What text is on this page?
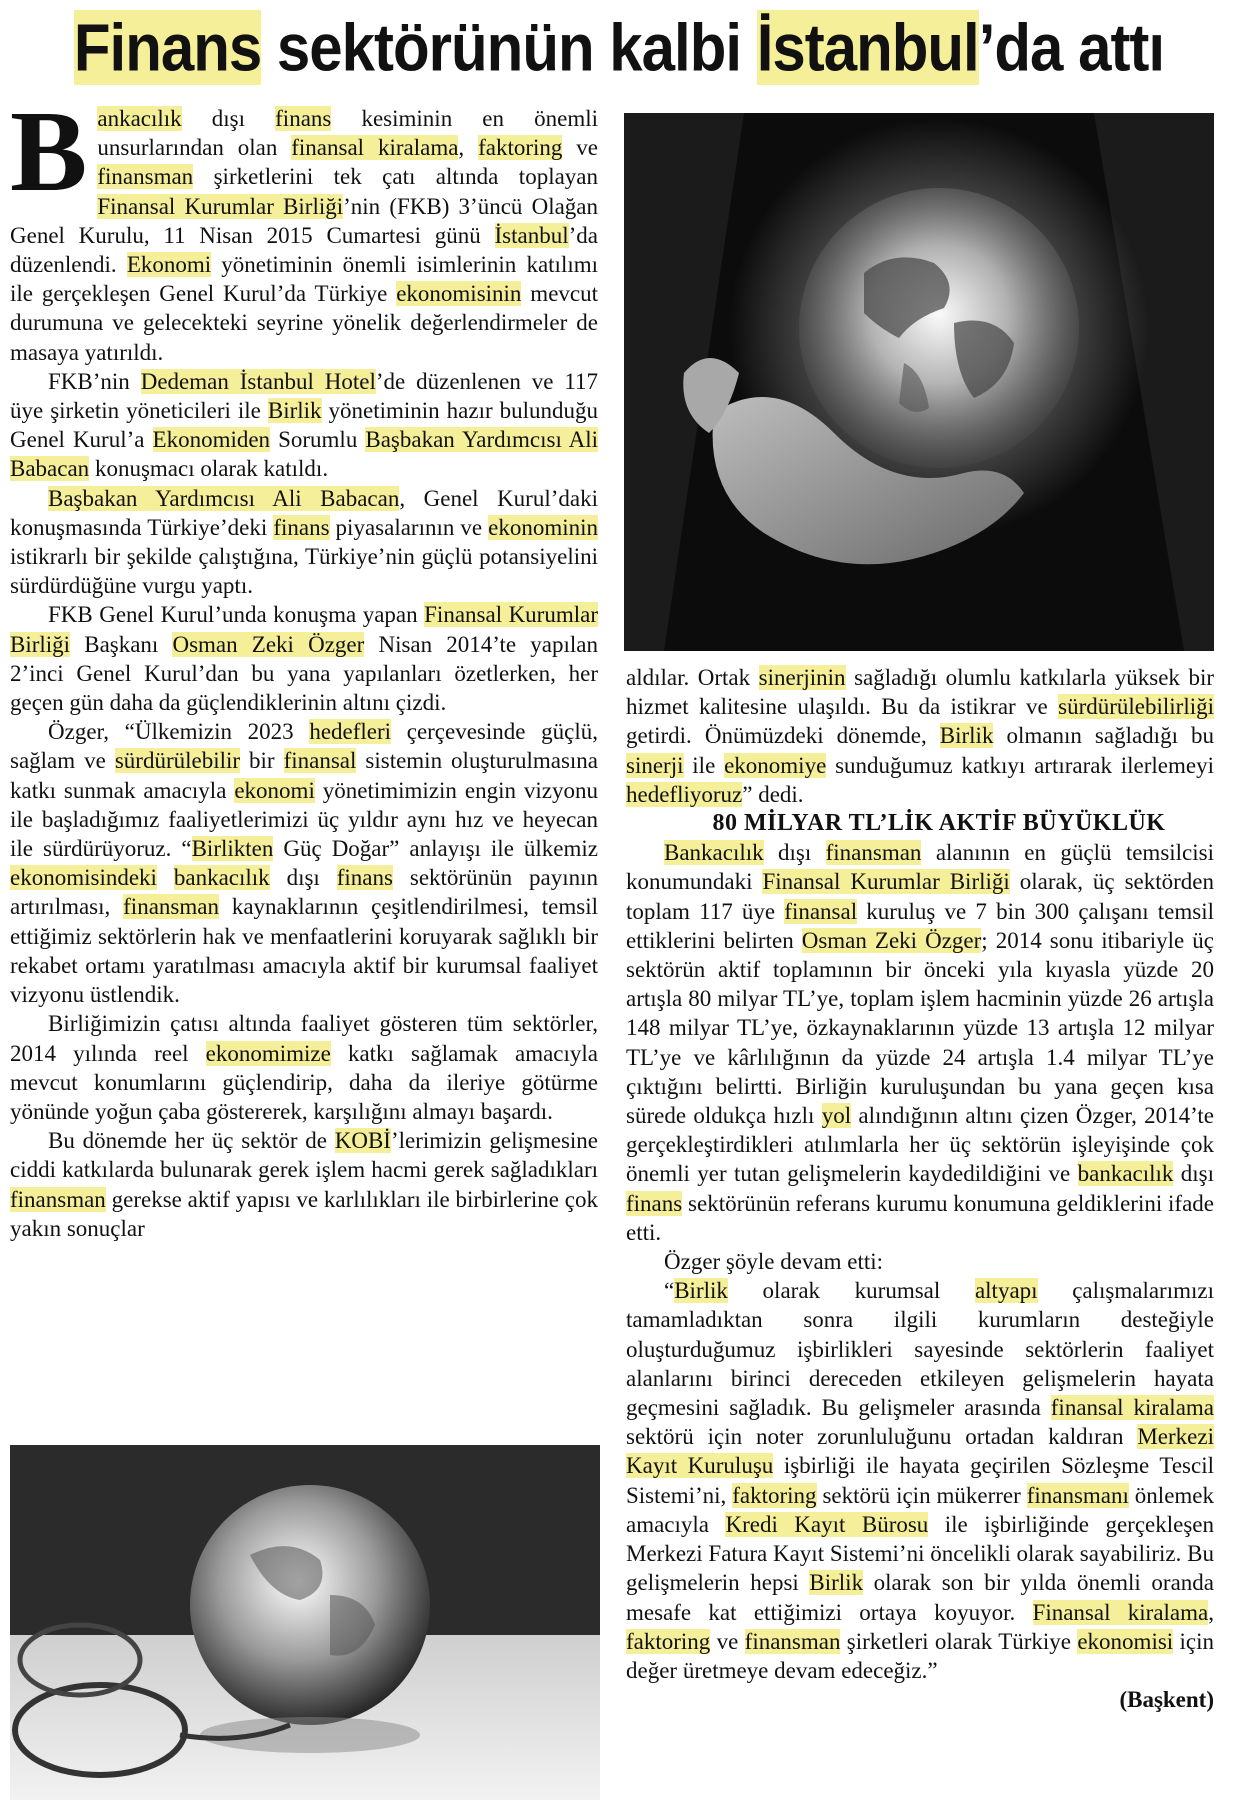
Finans sektörünün kalbi İstanbul’da attı

Bankacılık dışı finans kesiminin en önemli unsurlarından olan finansal kiralama, faktoring ve finansman şirketlerini tek çatı altında toplayan Finansal Kurumlar Birliği’nin (FKB) 3’üncü Olağan Genel Kurulu, 11 Nisan 2015 Cumartesi günü İstanbul’da düzenlendi. Ekonomi yönetiminin önemli isimlerinin katılımı ile gerçekleşen Genel Kurul’da Türkiye ekonomisinin mevcut durumuna ve gelecekteki seyrine yönelik değerlendirmeler de masaya yatırıldı.

FKB’nin Dedeman İstanbul Hotel’de düzenlenen ve 117 üye şirketin yöneticileri ile Birlik yönetiminin hazır bulunduğu Genel Kurul’a Ekonomiden Sorumlu Başbakan Yardımcısı Ali Babacan konuşmacı olarak katıldı.

Başbakan Yardımcısı Ali Babacan, Genel Kurul’daki konuşmasında Türkiye’deki finans piyasalarının ve ekonominin istikrarlı bir şekilde çalıştığına, Türkiye’nin güçlü potansiyelini sürdürdüğüne vurgu yaptı.

FKB Genel Kurul’unda konuşma yapan Finansal Kurumlar Birliği Başkanı Osman Zeki Özger Nisan 2014’te yapılan 2’inci Genel Kurul’dan bu yana yapılanları özetlerken, her geçen gün daha da güçlendiklerinin altını çizdi.

Özger, “Ülkemizin 2023 hedefleri çerçevesinde güçlü, sağlam ve sürdürülebilir bir finansal sistemin oluşturulmasına katkı sunmak amacıyla ekonomi yönetimimizin engin vizyonu ile başladığımız faaliyetlerimizi üç yıldır aynı hız ve heyecan ile sürdürüyoruz. “Birlikten Güç Doğar” anlayışı ile ülkemiz ekonomisindeki bankacılık dışı finans sektörünün payının artırılması, finansman kaynaklarının çeşitlendirilmesi, temsil ettiğimiz sektörlerin hak ve menfaatlerini koruyarak sağlıklı bir rekabet ortamı yaratılması amacıyla aktif bir kurumsal faaliyet vizyonu üstlendik.

Birliğimizin çatısı altında faaliyet gösteren tüm sektörler, 2014 yılında reel ekonomimize katkı sağlamak amacıyla mevcut konumlarını güçlendirip, daha da ileriye götürme yönünde yoğun çaba göstererek, karşılığını almayı başardı.

Bu dönemde her üç sektör de KOBİ’lerimizin gelişmesine ciddi katkılarda bulunarak gerek işlem hacmi gerek sağladıkları finansman gerekse aktif yapısı ve karlılıkları ile birbirlerine çok yakın sonuçlar

aldılar. Ortak sinerjinin sağladığı olumlu katkılarla yüksek bir hizmet kalitesine ulaşıldı. Bu da istikrar ve sürdürülebilirliği getirdi. Önümüzdeki dönemde, Birlik olmanın sağladığı bu sinerji ile ekonomiye sunduğumuz katkıyı artırarak ilerlemeyi hedefliyoruz” dedi.

80 MİLYAR TL’LİK AKTİF BÜYÜKLÜK

Bankacılık dışı finansman alanının en güçlü temsilcisi konumundaki Finansal Kurumlar Birliği olarak, üç sektörden toplam 117 üye finansal kuruluş ve 7 bin 300 çalışanı temsil ettiklerini belirten Osman Zeki Özger; 2014 sonu itibariyle üç sektörün aktif toplamının bir önceki yıla kıyasla yüzde 20 artışla 80 milyar TL’ye, toplam işlem hacminin yüzde 26 artışla 148 milyar TL’ye, özkaynaklarının yüzde 13 artışla 12 milyar TL’ye ve kârlılığının da yüzde 24 artışla 1.4 milyar TL’ye çıktığını belirtti. Birliğin kuruluşundan bu yana geçen kısa sürede oldukça hızlı yol alındığının altını çizen Özger, 2014’te gerçekleştirdikleri atılımlarla her üç sektörün işleyişinde çok önemli yer tutan gelişmelerin kaydedildiğini ve bankacılık dışı finans sektörünün referans kurumu konumuna geldiklerini ifade etti.

Özger şöyle devam etti:

“Birlik olarak kurumsal altyapı çalışmalarımızı tamamladıktan sonra ilgili kurumların desteğiyle oluşturduğumuz işbirlikleri sayesinde sektörlerin faaliyet alanlarını birinci dereceden etkileyen gelişmelerin hayata geçmesini sağladık. Bu gelişmeler arasında finansal kiralama sektörü için noter zorunluluğunu ortadan kaldıran Merkezi Kayıt Kuruluşu işbirliği ile hayata geçirilen Sözleşme Tescil Sistemi’ni, faktoring sektörü için mükerrer finansmanı önlemek amacıyla Kredi Kayıt Bürosu ile işbirliğinde gerçekleşen Merkezi Fatura Kayıt Sistemi’ni öncelikli olarak sayabiliriz. Bu gelişmelerin hepsi Birlik olarak son bir yılda önemli oranda mesafe kat ettiğimizi ortaya koyuyor. Finansal kiralama, faktoring ve finansman şirketleri olarak Türkiye ekonomisi için değer üretmeye devam edeceğiz.”

(Başkent)
